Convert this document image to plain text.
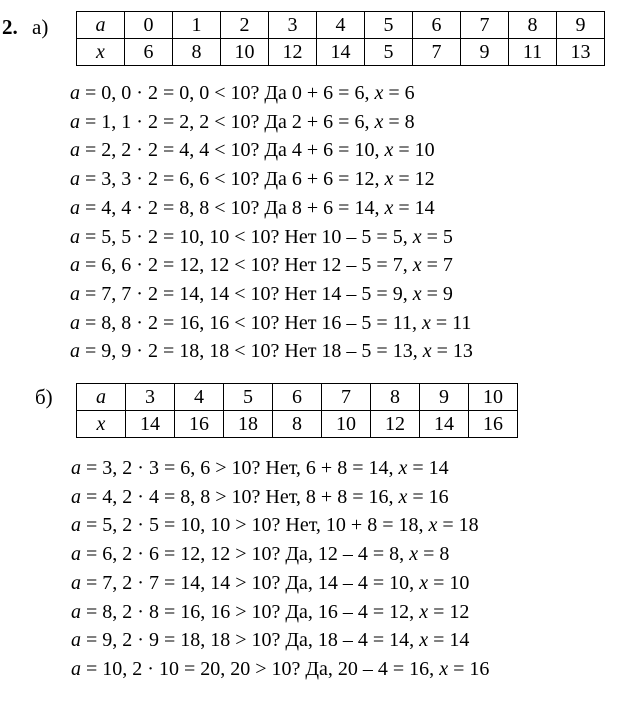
2. а) a	0	1	2	3	4	5	6	7	8	9
x	6	8	10	12	14	5	7	9	11	13
a = 0, 0 · 2 = 0, 0 < 10? Да 0 + 6 = 6, x = 6
a = 1, 1 · 2 = 2, 2 < 10? Да 2 + 6 = 6, x = 8
a = 2, 2 · 2 = 4, 4 < 10? Да 4 + 6 = 10, x = 10
a = 3, 3 · 2 = 6, 6 < 10? Да 6 + 6 = 12, x = 12
a = 4, 4 · 2 = 8, 8 < 10? Да 8 + 6 = 14, x = 14
a = 5, 5 · 2 = 10, 10 < 10? Нет 10 – 5 = 5, x = 5
a = 6, 6 · 2 = 12, 12 < 10? Нет 12 – 5 = 7, x = 7
a = 7, 7 · 2 = 14, 14 < 10? Нет 14 – 5 = 9, x = 9
a = 8, 8 · 2 = 16, 16 < 10? Нет 16 – 5 = 11, x = 11
a = 9, 9 · 2 = 18, 18 < 10? Нет 18 – 5 = 13, x = 13
б) a	3	4	5	6	7	8	9	10
x	14	16	18	8	10	12	14	16
a = 3, 2 · 3 = 6, 6 > 10? Нет, 6 + 8 = 14, x = 14
a = 4, 2 · 4 = 8, 8 > 10? Нет, 8 + 8 = 16, x = 16
a = 5, 2 · 5 = 10, 10 > 10? Нет, 10 + 8 = 18, x = 18
a = 6, 2 · 6 = 12, 12 > 10? Да, 12 – 4 = 8, x = 8
a = 7, 2 · 7 = 14, 14 > 10? Да, 14 – 4 = 10, x = 10
a = 8, 2 · 8 = 16, 16 > 10? Да, 16 – 4 = 12, x = 12
a = 9, 2 · 9 = 18, 18 > 10? Да, 18 – 4 = 14, x = 14
a = 10, 2 · 10 = 20, 20 > 10? Да, 20 – 4 = 16, x = 16
